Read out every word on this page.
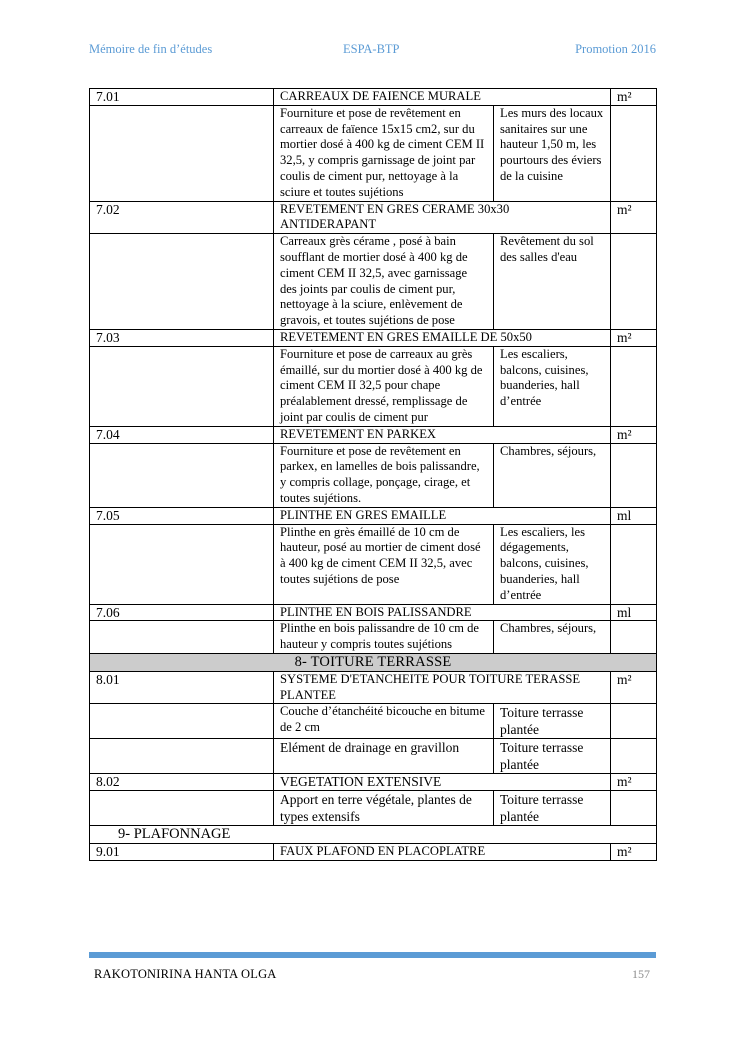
Mémoire de fin d’études	ESPA-BTP	Promotion 2016
7.01	CARREAUX DE FAIENCE MURALE		m²
	Fourniture et pose de revêtement en carreaux de faïence 15x15 cm2, sur du mortier dosé à 400 kg de ciment CEM II 32,5, y compris garnissage de joint par coulis de ciment pur, nettoyage à la sciure et toutes sujétions	Les murs des locaux sanitaires sur une hauteur 1,50 m, les pourtours des éviers de la cuisine	
7.02	REVETEMENT EN GRES CERAME 30x30 ANTIDERAPANT		m²
	Carreaux grès cérame , posé à bain soufflant de mortier dosé à 400 kg de ciment CEM II 32,5, avec garnissage des joints par coulis de ciment pur, nettoyage à la sciure, enlèvement de gravois, et toutes sujétions de pose	Revêtement du sol des salles d'eau	
7.03	REVETEMENT EN GRES EMAILLE DE 50x50		m²
	Fourniture et pose de carreaux au grès émaillé, sur du mortier dosé à 400 kg de ciment CEM II 32,5 pour chape préalablement dressé, remplissage de joint par coulis de ciment pur	Les escaliers, balcons, cuisines, buanderies, hall d’entrée	
7.04	REVETEMENT EN PARKEX		m²
	Fourniture et pose de revêtement en parkex, en lamelles de bois palissandre, y compris collage, ponçage, cirage, et toutes sujétions.	Chambres, séjours,	
7.05	PLINTHE EN GRES EMAILLE		ml
	Plinthe en grès émaillé de 10 cm de hauteur, posé au mortier de ciment dosé à 400 kg de ciment CEM II 32,5, avec toutes sujétions de pose	Les escaliers, les dégagements, balcons, cuisines, buanderies, hall d’entrée	
7.06	PLINTHE EN BOIS PALISSANDRE		ml
	Plinthe en bois palissandre de 10 cm de hauteur y compris toutes sujétions	Chambres, séjours,	
8- TOITURE TERRASSE			
8.01	SYSTEME D'ETANCHEITE POUR TOITURE TERASSE PLANTEE		m²
	Couche d’étanchéité bicouche en bitume de 2 cm	Toiture terrasse plantée	
	Elément de drainage en gravillon	Toiture terrasse plantée	
8.02	VEGETATION EXTENSIVE		m²
	Apport en terre végétale, plantes de types extensifs	Toiture terrasse plantée	
9- PLAFONNAGE			
9.01	FAUX PLAFOND EN PLACOPLATRE		m²
RAKOTONIRINA HANTA OLGA	157
